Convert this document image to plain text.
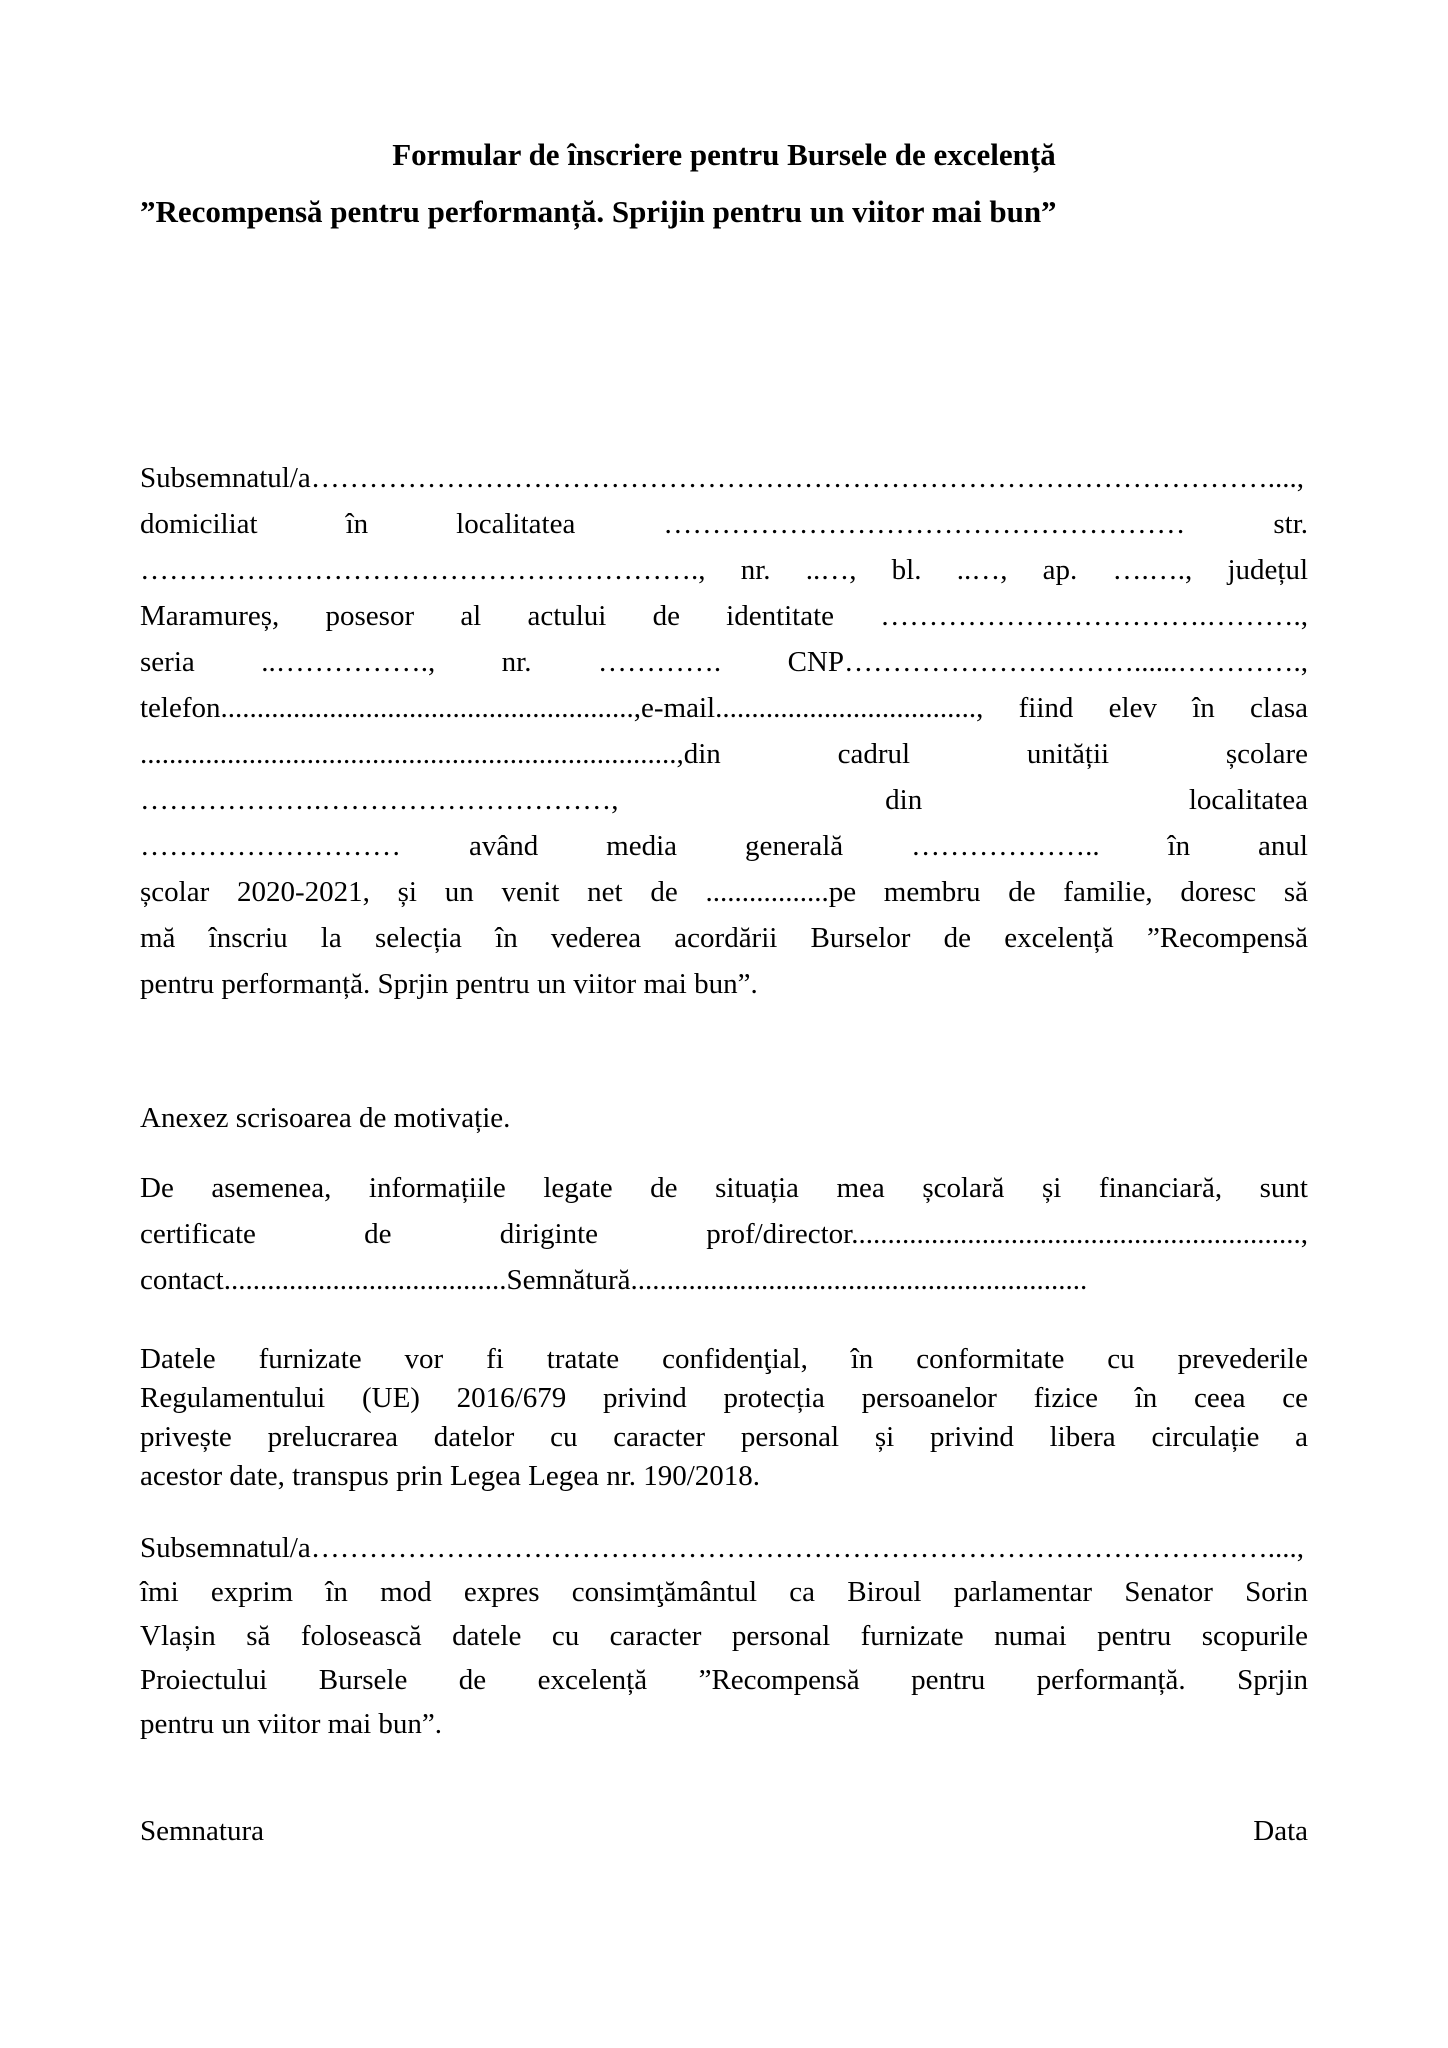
Formular de înscriere pentru Bursele de excelență
”Recompensă pentru performanță. Sprijin pentru un viitor mai bun”
Subsemnatul/a………………………………………………………………………………………....,
domiciliat în localitatea ……………………………………………… str.
…………………………………………………., nr. ..…, bl. ..…, ap. ….…., județul
Maramureș, posesor al actului de identitate …………………………….……….,
seria ..……………., nr. …………. CNP…………………………......………….,
telefon.........................................................,e-mail...................................., fiind elev în clasa
..........................................................................,din cadrul unității școlare
……………….…………………………, din localitatea
……………………… având media generală ……………….. în anul
școlar 2020-2021, și un venit net de .................pe membru de familie, doresc să
mă înscriu la selecția în vederea acordării Burselor de excelență ”Recompensă
pentru performanță. Sprjin pentru un viitor mai bun”.
Anexez scrisoarea de motivație.
De asemenea, informațiile legate de situația mea școlară și financiară, sunt
certificate de diriginte prof/director..............................................................,
contact.......................................Semnătură...............................................................
Datele furnizate vor fi tratate confidenţial, în conformitate cu prevederile
Regulamentului (UE) 2016/679 privind protecția persoanelor fizice în ceea ce
privește prelucrarea datelor cu caracter personal și privind libera circulație a
acestor date, transpus prin Legea Legea nr. 190/2018.
Subsemnatul/a………………………………………………………………………………………....,
îmi exprim în mod expres consimţământul ca Biroul parlamentar Senator Sorin
Vlașin să folosească datele cu caracter personal furnizate numai pentru scopurile
Proiectului Bursele de excelență ”Recompensă pentru performanță. Sprjin
pentru un viitor mai bun”.
Semnatura	Data
